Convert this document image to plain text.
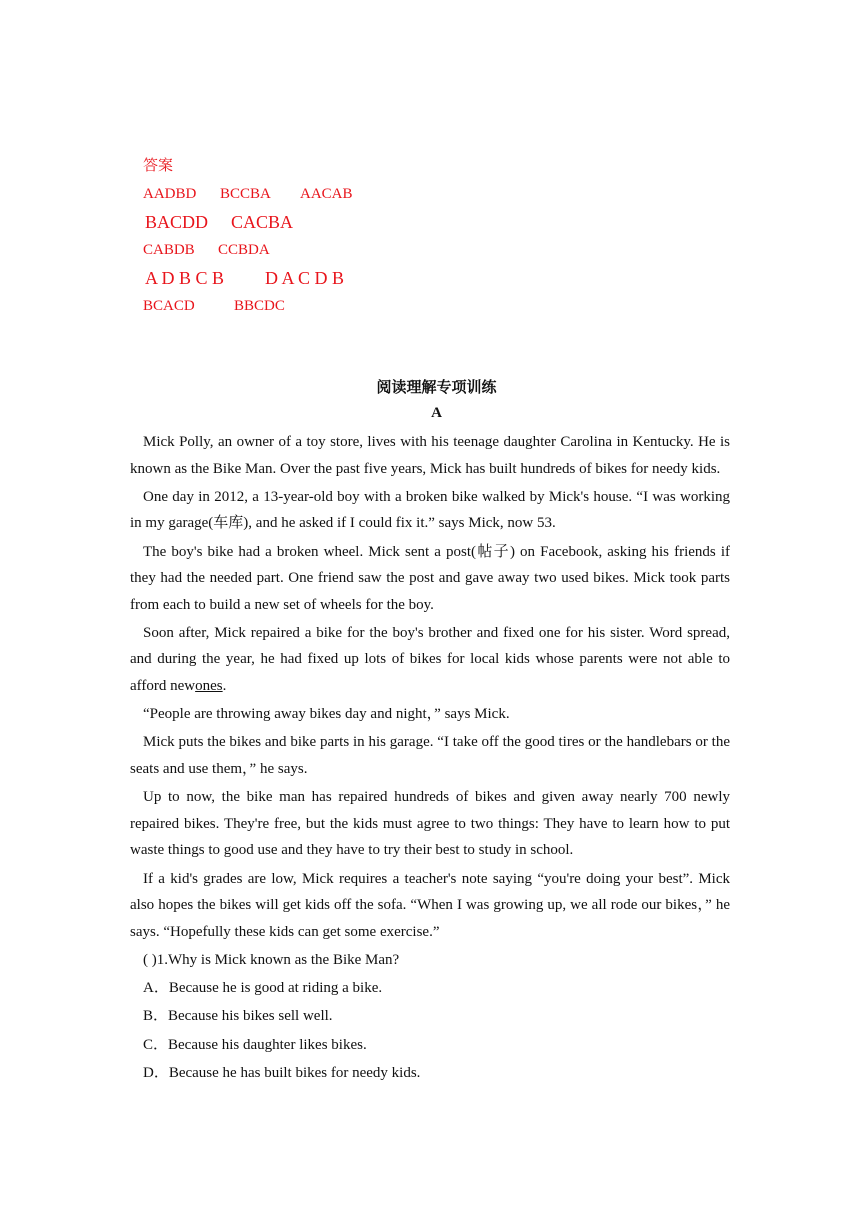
答案
AADBD BCCBA AACAB
BACDD CACBA
CABDB CCBDA
A D B C B D A C D B
BCACD	BBCDC
阅读理解专项训练
A

Mick Polly, an owner of a toy store, lives with his teenage daughter Carolina in Kentucky. He is known as the Bike Man. Over the past five years, Mick has built hundreds of bikes for needy kids.

One day in 2012, a 13-year-old boy with a broken bike walked by Mick's house. “I was working in my garage(车库), and he asked if I could fix it.” says Mick, now 53.

The boy's bike had a broken wheel. Mick sent a post(帖子) on Facebook, asking his friends if they had the needed part. One friend saw the post and gave away two used bikes. Mick took parts from each to build a new set of wheels for the boy.

Soon after, Mick repaired a bike for the boy's brother and fixed one for his sister. Word spread, and during the year, he had fixed up lots of bikes for local kids whose parents were not able to afford newones.

“People are throwing away bikes day and night，” says Mick.

Mick puts the bikes and bike parts in his garage. “I take off the good tires or the handlebars or the seats and use them，” he says.

Up to now, the bike man has repaired hundreds of bikes and given away nearly 700 newly repaired bikes. They're free, but the kids must agree to two things: They have to learn how to put waste things to good use and they have to try their best to study in school.

If a kid's grades are low, Mick requires a teacher's note saying “you're doing your best”. Mick also hopes the bikes will get kids off the sofa. “When I was growing up, we all rode our bikes，” he says. “Hopefully these kids can get some exercise.”

( )1.Why is Mick known as the Bike Man?

A．Because he is good at riding a bike.

B．Because his bikes sell well.

C．Because his daughter likes bikes.

D．Because he has built bikes for needy kids.
